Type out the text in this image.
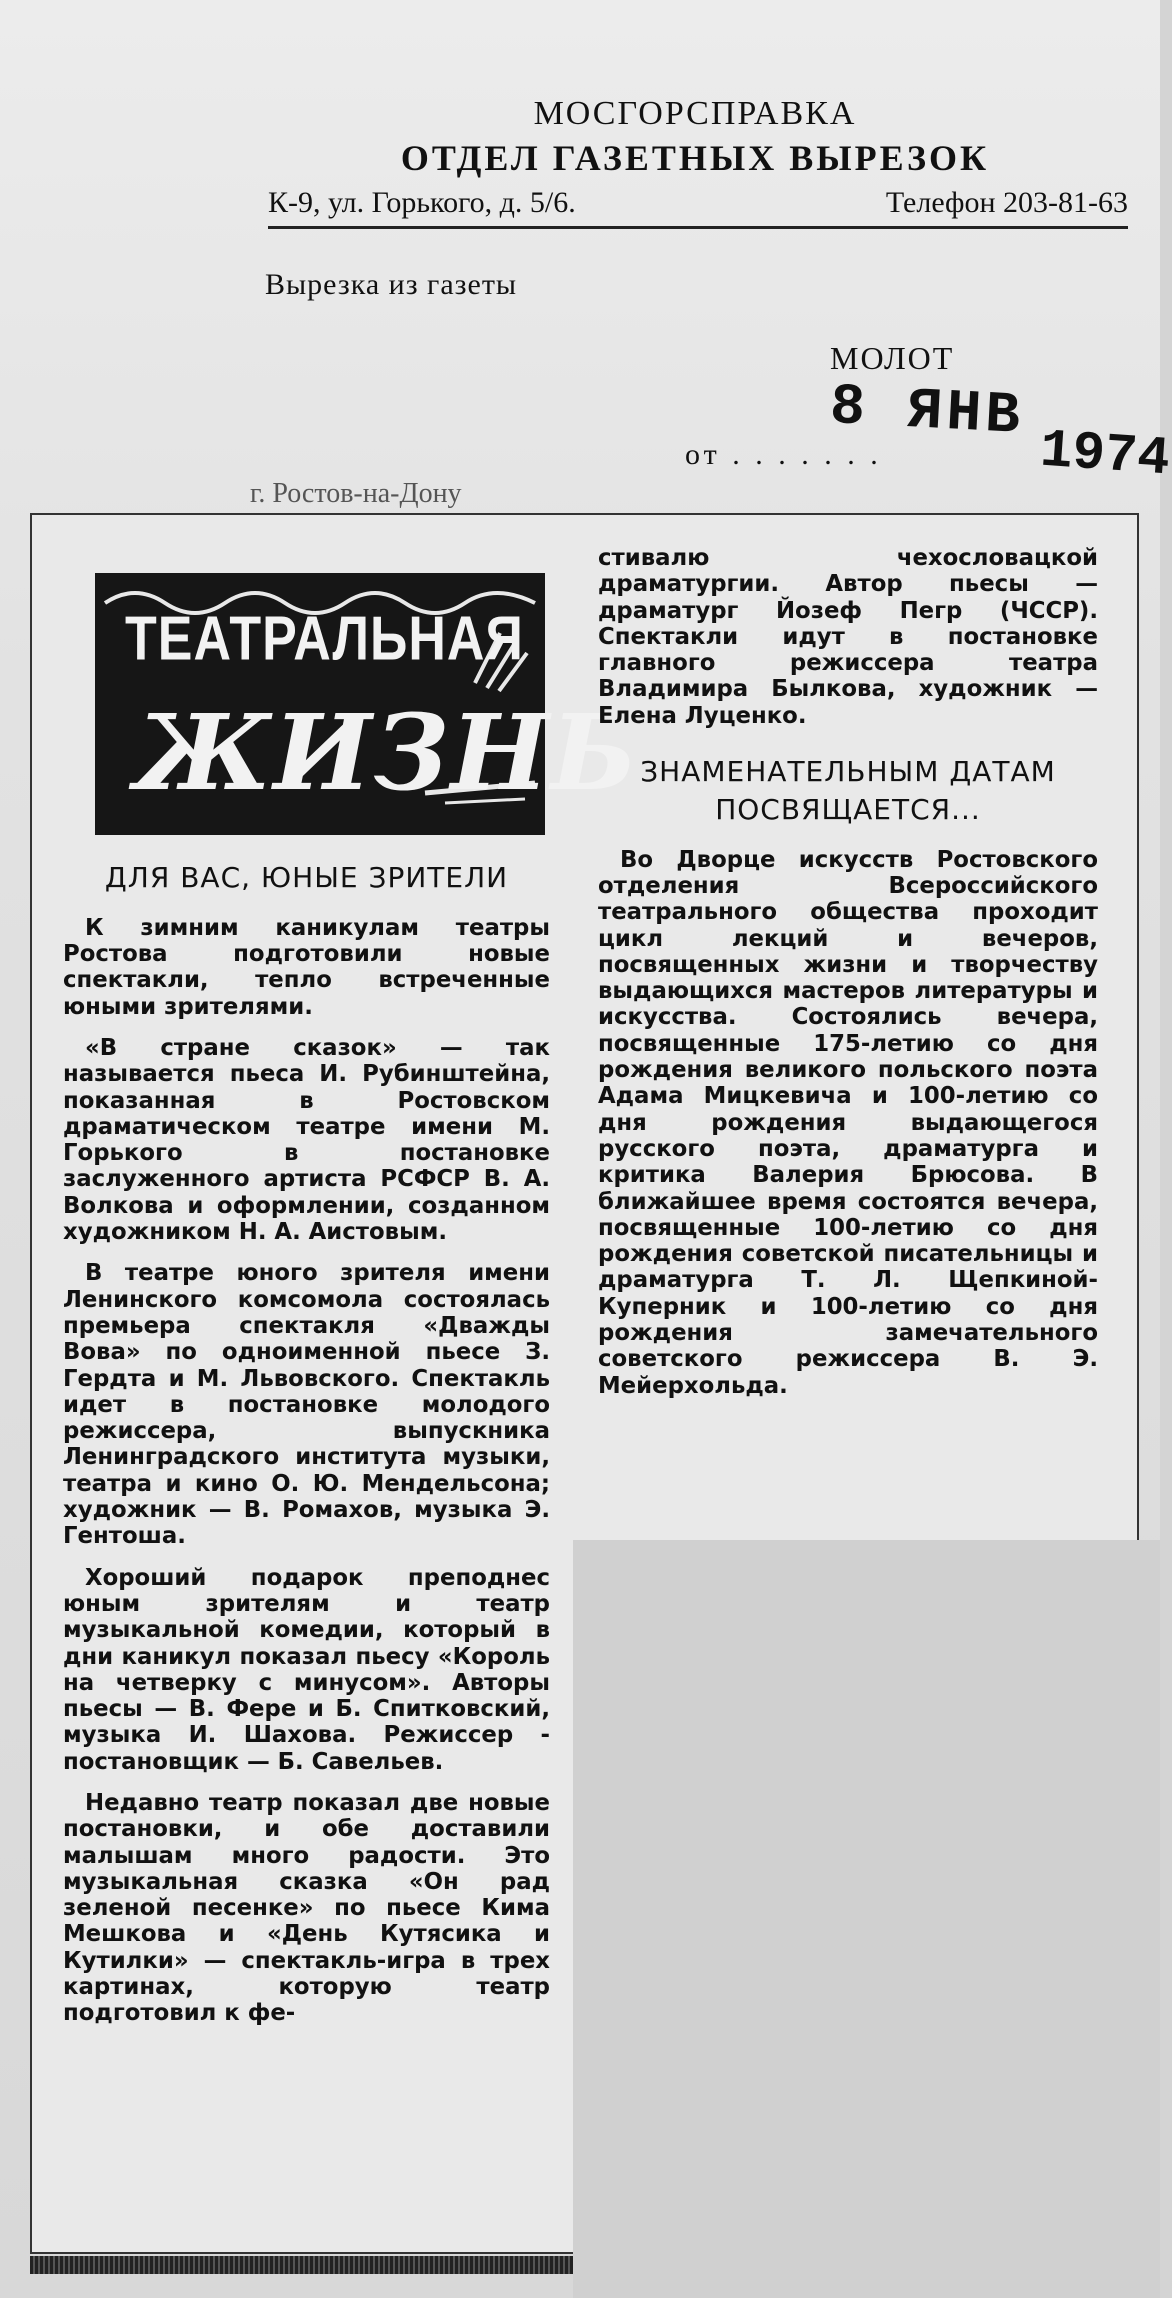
МОСГОРСПРАВКА
ОТДЕЛ ГАЗЕТНЫХ ВЫРЕЗОК
К-9, ул. Горького, д. 5/6.	Телефон 203-81-63
Вырезка из газеты
МОЛОТ
8 ЯНВ
от . . . . . . .	1974
г. Ростов-на-Дону
ТЕАТРАЛЬНАЯ
ЖИЗНЬ
ДЛЯ ВАС, ЮНЫЕ ЗРИТЕЛИ

К зимним каникулам театры Ростова подготовили новые спектакли, тепло встреченные юными зрителями.

«В стране сказок» — так называется пьеса И. Рубинштейна, показанная в Ростовском драматическом театре имени М. Горького в постановке заслуженного артиста РСФСР В. А. Волкова и оформлении, созданном художником Н. А. Аистовым.

В театре юного зрителя имени Ленинского комсомола состоялась премьера спектакля «Дважды Вова» по одноименной пьесе З. Гердта и М. Львовского. Спектакль идет в постановке молодого режиссера, выпускника Ленинградского института музыки, театра и кино О. Ю. Мендельсона; художник — В. Ромахов, музыка Э. Гентоша.

Хороший подарок преподнес юным зрителям и театр музыкальной комедии, который в дни каникул показал пьесу «Король на четверку с минусом». Авторы пьесы — В. Фере и Б. Спитковский, музыка И. Шахова. Режиссер - постановщик — Б. Савельев.

Недавно театр показал две новые постановки, и обе доставили малышам много радости. Это музыкальная сказка «Он рад зеленой песенке» по пьесе Кима Мешкова и «День Кутясика и Кутилки» — спектакль-игра в трех картинах, которую театр подготовил к фе-

стивалю чехословацкой драматургии. Автор пьесы — драматург Йозеф Пегр (ЧССР). Спектакли идут в постановке главного режиссера театра Владимира Былкова, художник — Елена Луценко.

ЗНАМЕНАТЕЛЬНЫМ ДАТАМ ПОСВЯЩАЕТСЯ...

Во Дворце искусств Ростовского отделения Всероссийского театрального общества проходит цикл лекций и вечеров, посвященных жизни и творчеству выдающихся мастеров литературы и искусства. Состоялись вечера, посвященные 175-летию со дня рождения великого польского поэта Адама Мицкевича и 100-летию со дня рождения выдающегося русского поэта, драматурга и критика Валерия Брюсова. В ближайшее время состоятся вечера, посвященные 100-летию со дня рождения советской писательницы и драматурга Т. Л. Щепкиной-Куперник и 100-летию со дня рождения замечательного советского режиссера В. Э. Мейерхольда.
